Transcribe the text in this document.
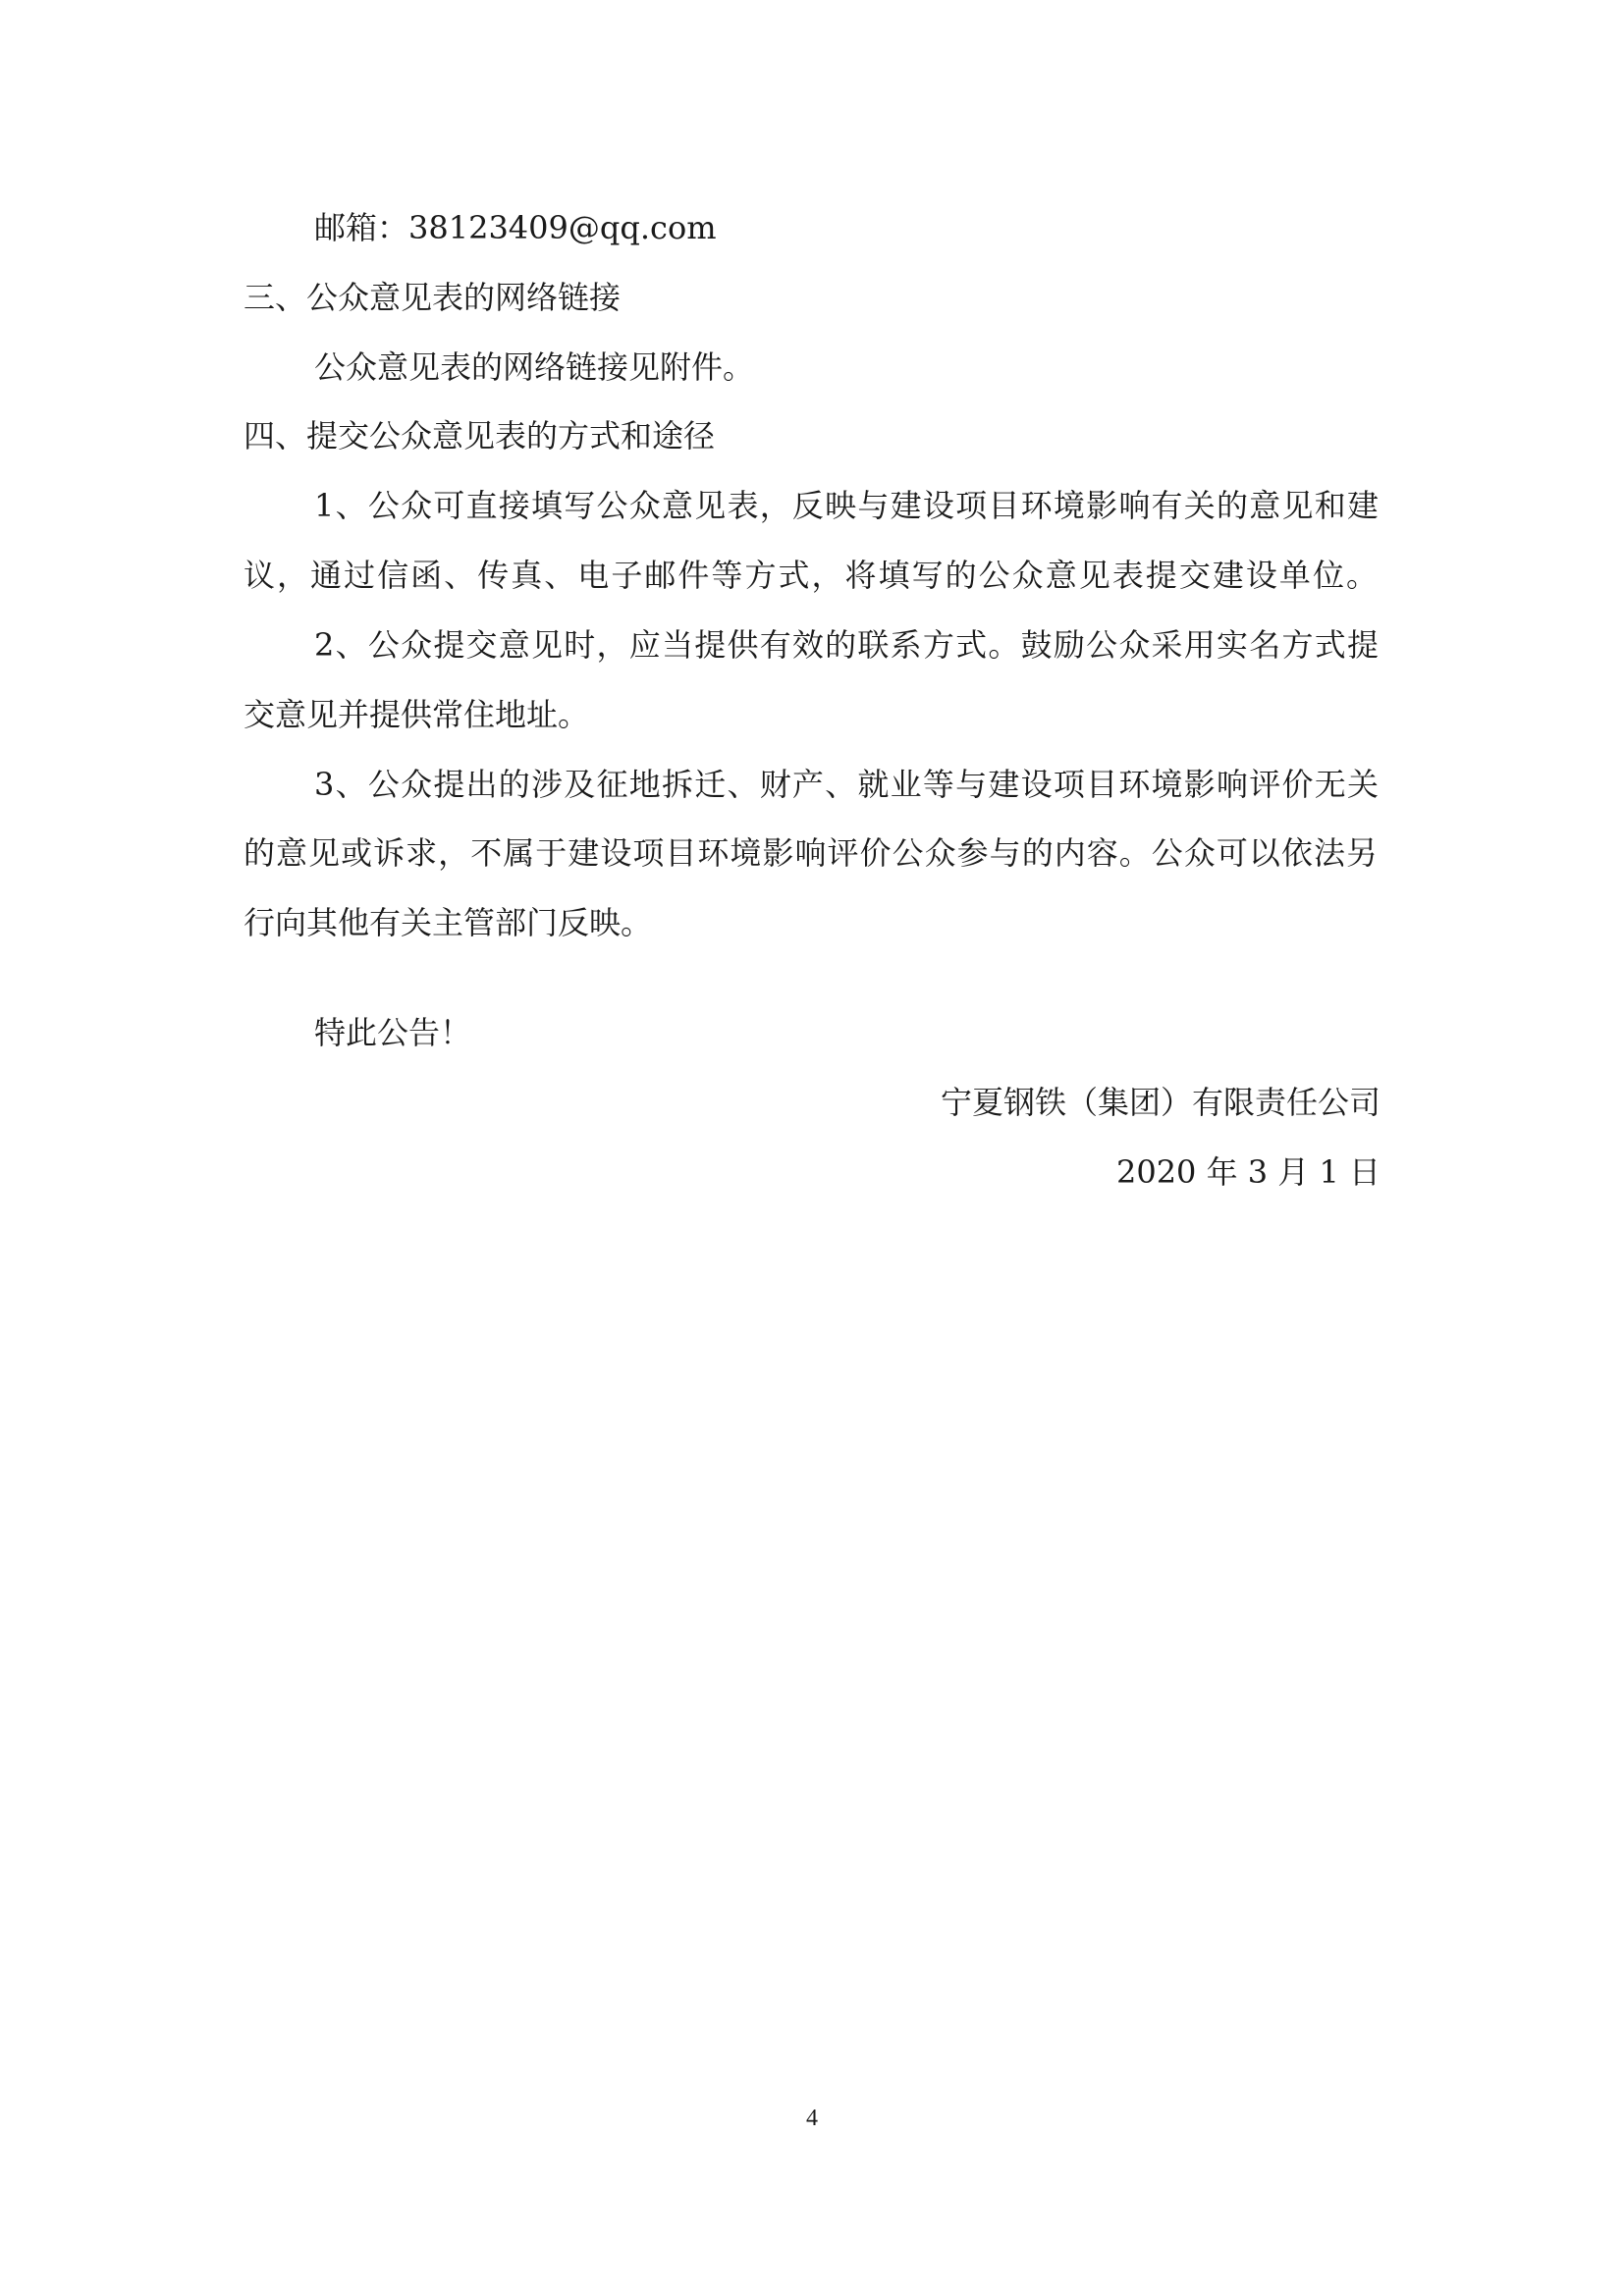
邮箱：38123409@qq.com

三、公众意见表的网络链接

公众意见表的网络链接见附件。

四、提交公众意见表的方式和途径

1、公众可直接填写公众意见表，反映与建设项目环境影响有关的意见和建

议，通过信函、传真、电子邮件等方式，将填写的公众意见表提交建设单位。

2、公众提交意见时，应当提供有效的联系方式。鼓励公众采用实名方式提

交意见并提供常住地址。

3、公众提出的涉及征地拆迁、财产、就业等与建设项目环境影响评价无关

的意见或诉求，不属于建设项目环境影响评价公众参与的内容。公众可以依法另

行向其他有关主管部门反映。

特此公告！

宁夏钢铁（集团）有限责任公司

2020 年 3 月 1 日

4
